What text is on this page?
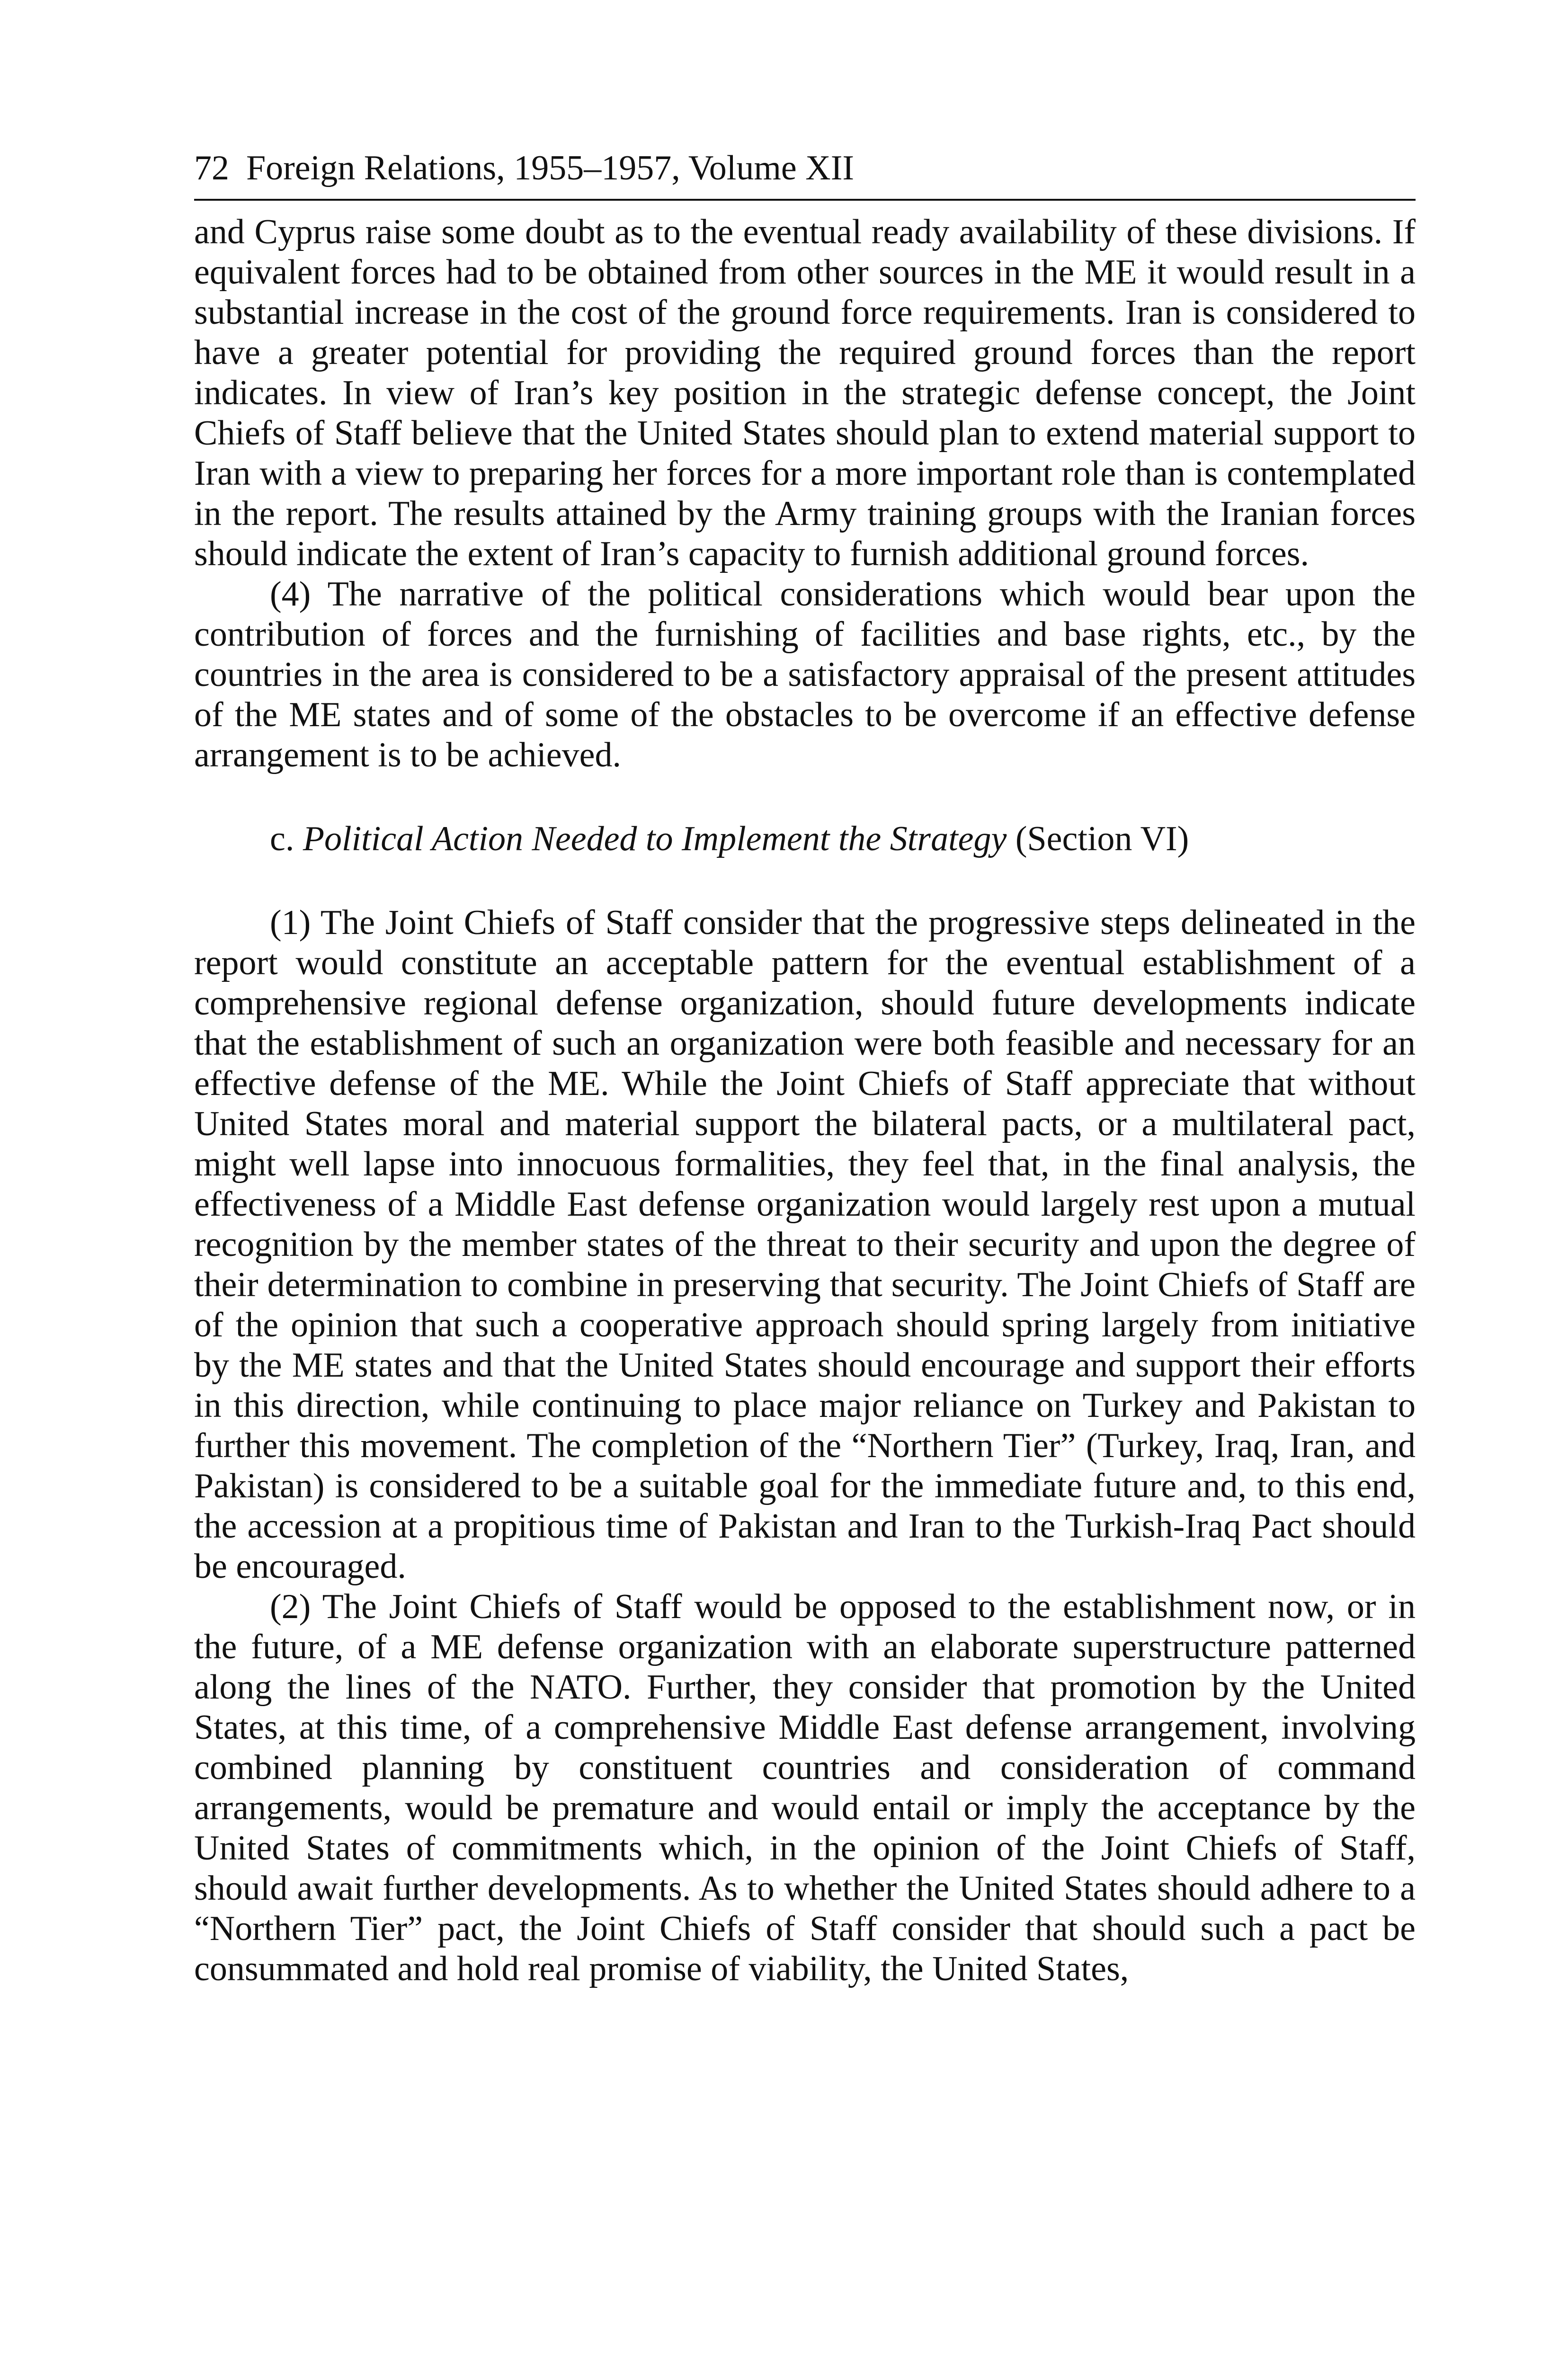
72 Foreign Relations, 1955–1957, Volume XII

and Cyprus raise some doubt as to the eventual ready availability of these divisions. If equivalent forces had to be obtained from other sources in the ME it would result in a substantial increase in the cost of the ground force requirements. Iran is considered to have a greater potential for providing the required ground forces than the report indicates. In view of Iran’s key position in the strategic defense concept, the Joint Chiefs of Staff believe that the United States should plan to extend material support to Iran with a view to preparing her forces for a more important role than is contemplated in the report. The results attained by the Army training groups with the Iranian forces should indicate the extent of Iran’s capacity to furnish additional ground forces.

(4) The narrative of the political considerations which would bear upon the contribution of forces and the furnishing of facilities and base rights, etc., by the countries in the area is considered to be a satisfactory appraisal of the present attitudes of the ME states and of some of the obstacles to be overcome if an effective defense arrangement is to be achieved.

c. Political Action Needed to Implement the Strategy (Section VI)

(1) The Joint Chiefs of Staff consider that the progressive steps delineated in the report would constitute an acceptable pattern for the eventual establishment of a comprehensive regional defense organization, should future developments indicate that the establishment of such an organization were both feasible and necessary for an effective defense of the ME. While the Joint Chiefs of Staff appreciate that without United States moral and material support the bilateral pacts, or a multilateral pact, might well lapse into innocuous formalities, they feel that, in the final analysis, the effectiveness of a Middle East defense organization would largely rest upon a mutual recognition by the member states of the threat to their security and upon the degree of their determination to combine in preserving that security. The Joint Chiefs of Staff are of the opinion that such a cooperative approach should spring largely from initiative by the ME states and that the United States should encourage and support their efforts in this direction, while continuing to place major reliance on Turkey and Pakistan to further this movement. The completion of the “Northern Tier” (Turkey, Iraq, Iran, and Pakistan) is considered to be a suitable goal for the immediate future and, to this end, the accession at a propitious time of Pakistan and Iran to the Turkish-Iraq Pact should be encouraged.

(2) The Joint Chiefs of Staff would be opposed to the establishment now, or in the future, of a ME defense organization with an elaborate superstructure patterned along the lines of the NATO. Further, they consider that promotion by the United States, at this time, of a comprehensive Middle East defense arrangement, involving combined planning by constituent countries and consideration of command arrangements, would be premature and would entail or imply the acceptance by the United States of commitments which, in the opinion of the Joint Chiefs of Staff, should await further developments. As to whether the United States should adhere to a “Northern Tier” pact, the Joint Chiefs of Staff consider that should such a pact be consummated and hold real promise of viability, the United States,
